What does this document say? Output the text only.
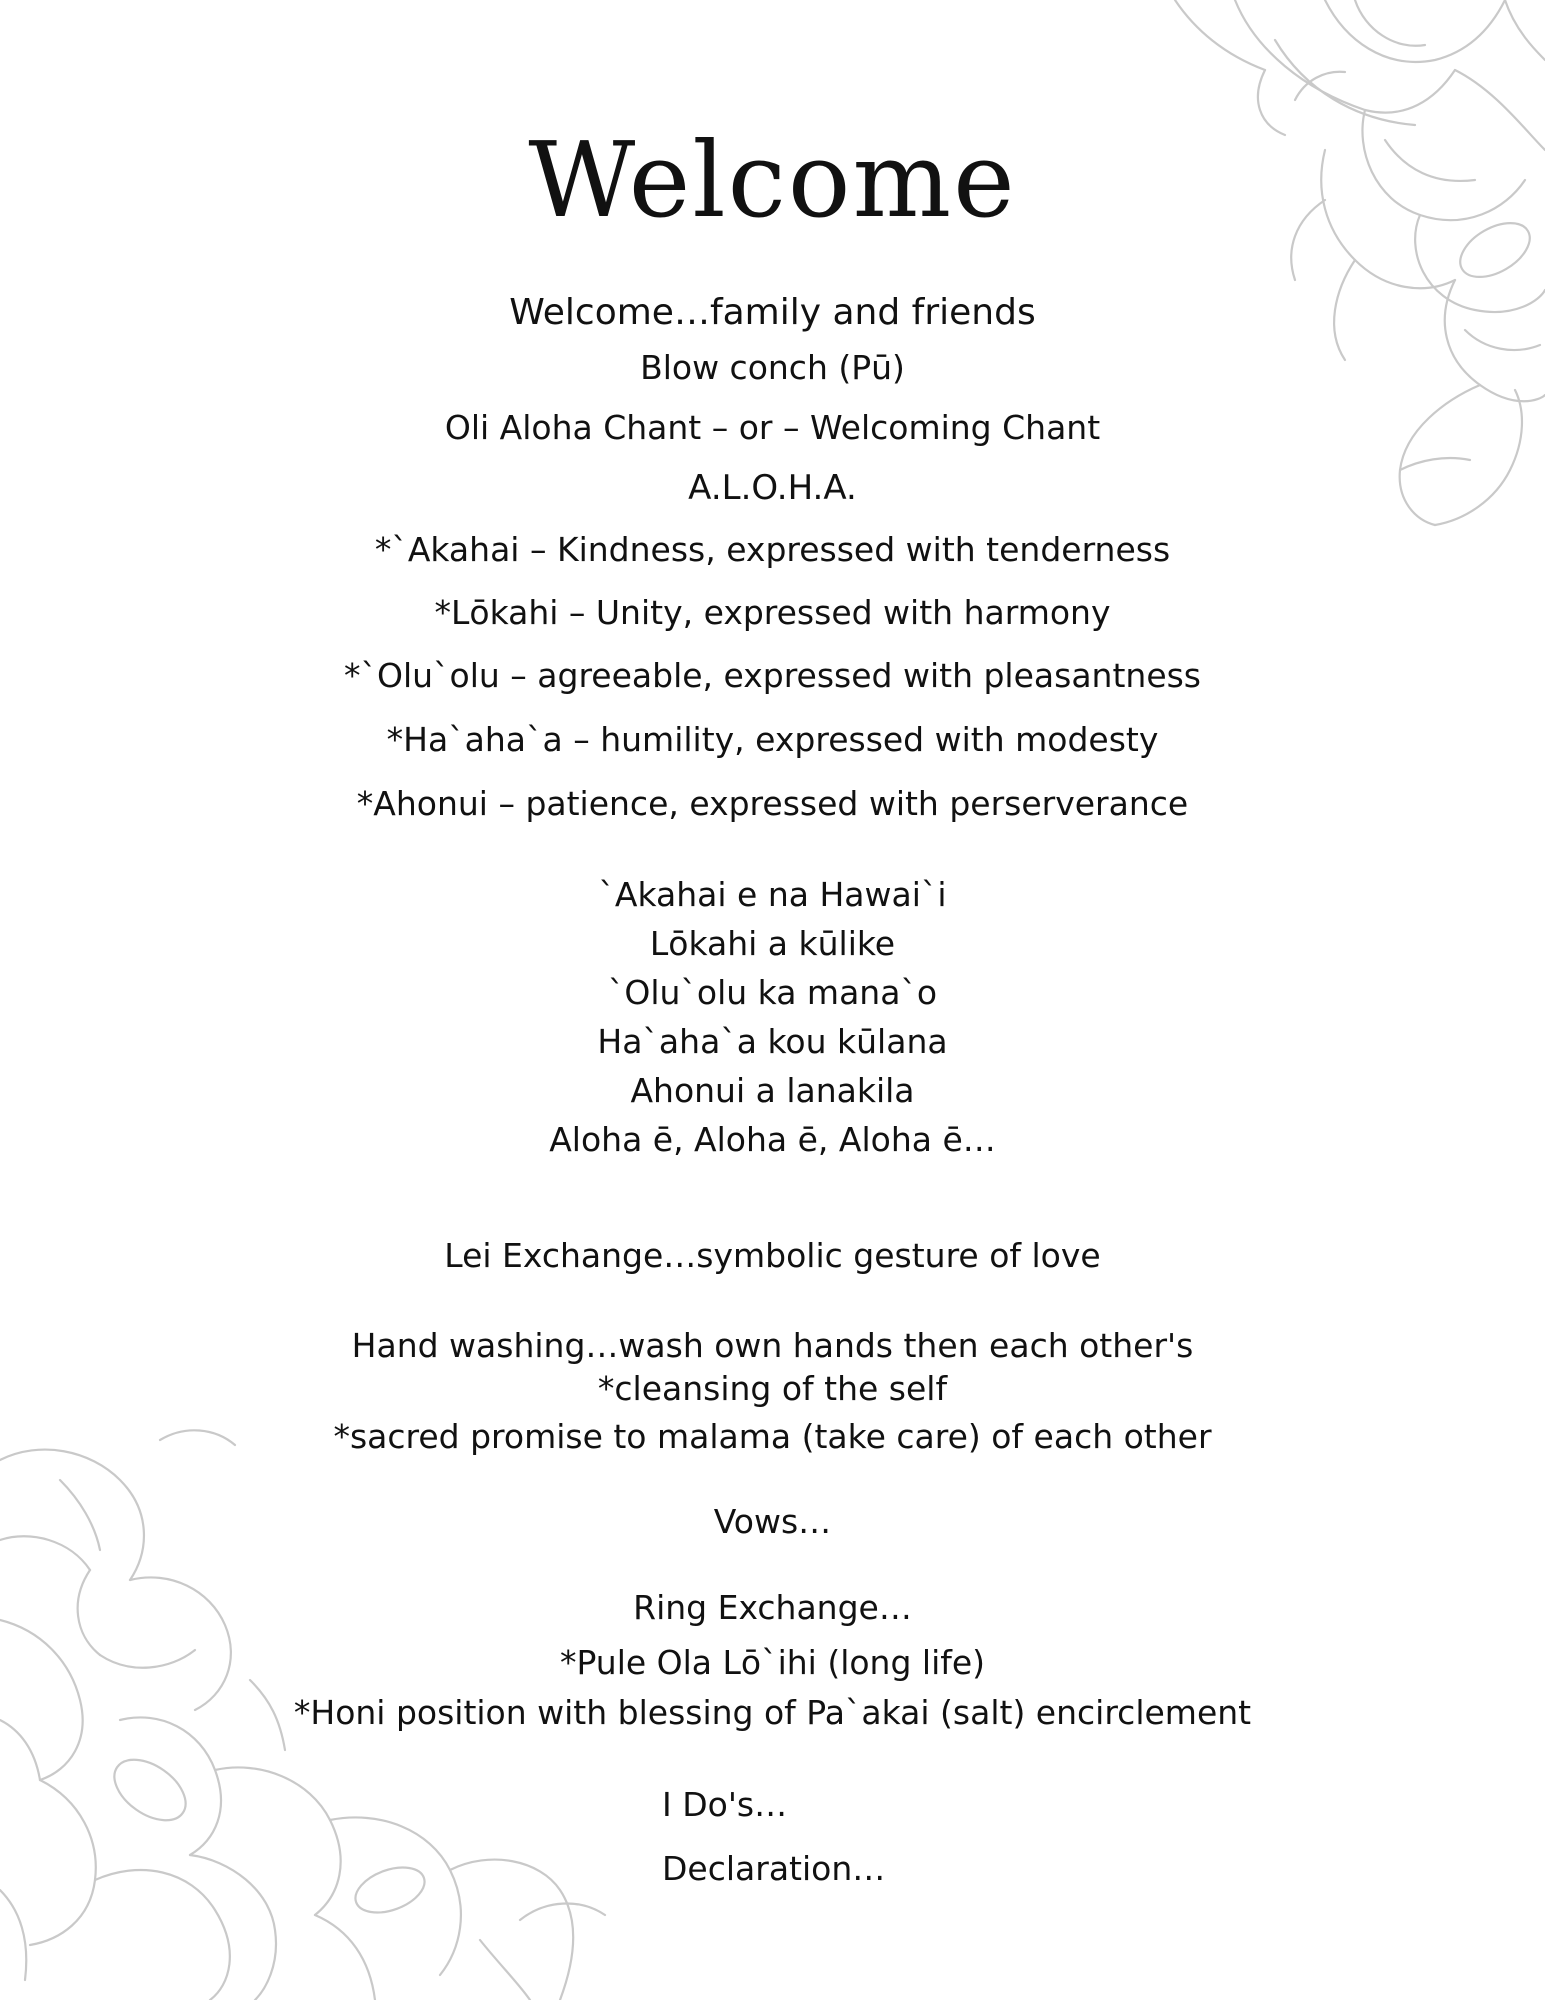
Welcome
Welcome…family and friends
Blow conch (Pū)
Oli Aloha Chant – or – Welcoming Chant
A.L.O.H.A.
*`Akahai – Kindness, expressed with tenderness
*Lōkahi – Unity, expressed with harmony
*`Olu`olu – agreeable, expressed with pleasantness
*Ha`aha`a – humility, expressed with modesty
*Ahonui – patience, expressed with perserverance
`Akahai e na Hawai`i
Lōkahi a kūlike
`Olu`olu ka mana`o
Ha`aha`a kou kūlana
Ahonui a lanakila
Aloha ē, Aloha ē, Aloha ē…
Lei Exchange…symbolic gesture of love
Hand washing…wash own hands then each other's
*cleansing of the self
*sacred promise to malama (take care) of each other
Vows…
Ring Exchange…
*Pule Ola Lō`ihi (long life)
*Honi position with blessing of Pa`akai (salt) encirclement
I Do's…
Declaration…
